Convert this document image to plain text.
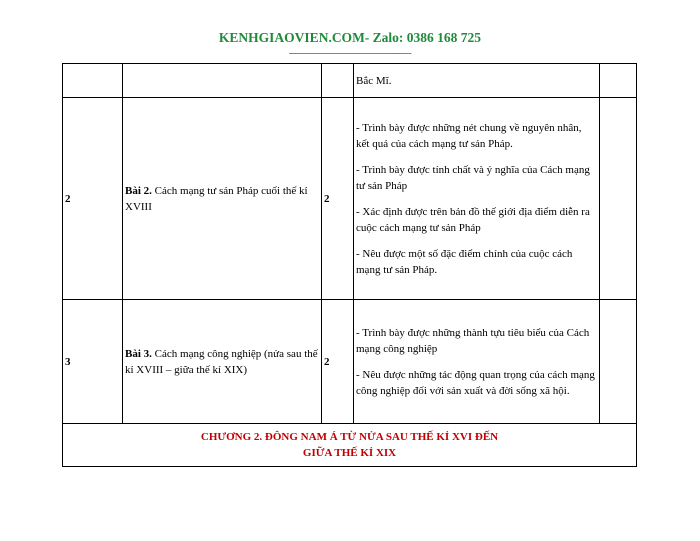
KENHGIAOVIEN.COM- Zalo: 0386 168 725
-------------------------------------------------

			Bắc Mĩ.	

2	Bài 2. Cách mạng tư sản Pháp cuối thế kỉ XVIII	2	- Trình bày được những nét chung về nguyên nhân, kết quả của cách mạng tư sản Pháp.

- Trình bày được tính chất và ý nghĩa của Cách mạng tư sản Pháp

- Xác định được trên bản đồ thế giới địa điểm diễn ra cuộc cách mạng tư sản Pháp

- Nêu được một số đặc điểm chính của cuộc cách mạng tư sản Pháp.	

3	Bài 3. Cách mạng công nghiệp (nửa sau thế kỉ XVIII – giữa thế kỉ XIX)	2	- Trình bày được những thành tựu tiêu biểu của Cách mạng công nghiệp

- Nêu được những tác động quan trọng của cách mạng công nghiệp đối với sản xuất và đời sống xã hội.	

CHƯƠNG 2. ĐÔNG NAM Á TỪ NỬA SAU THẾ KỈ XVI ĐẾN
GIỮA THẾ KỈ XIX				
